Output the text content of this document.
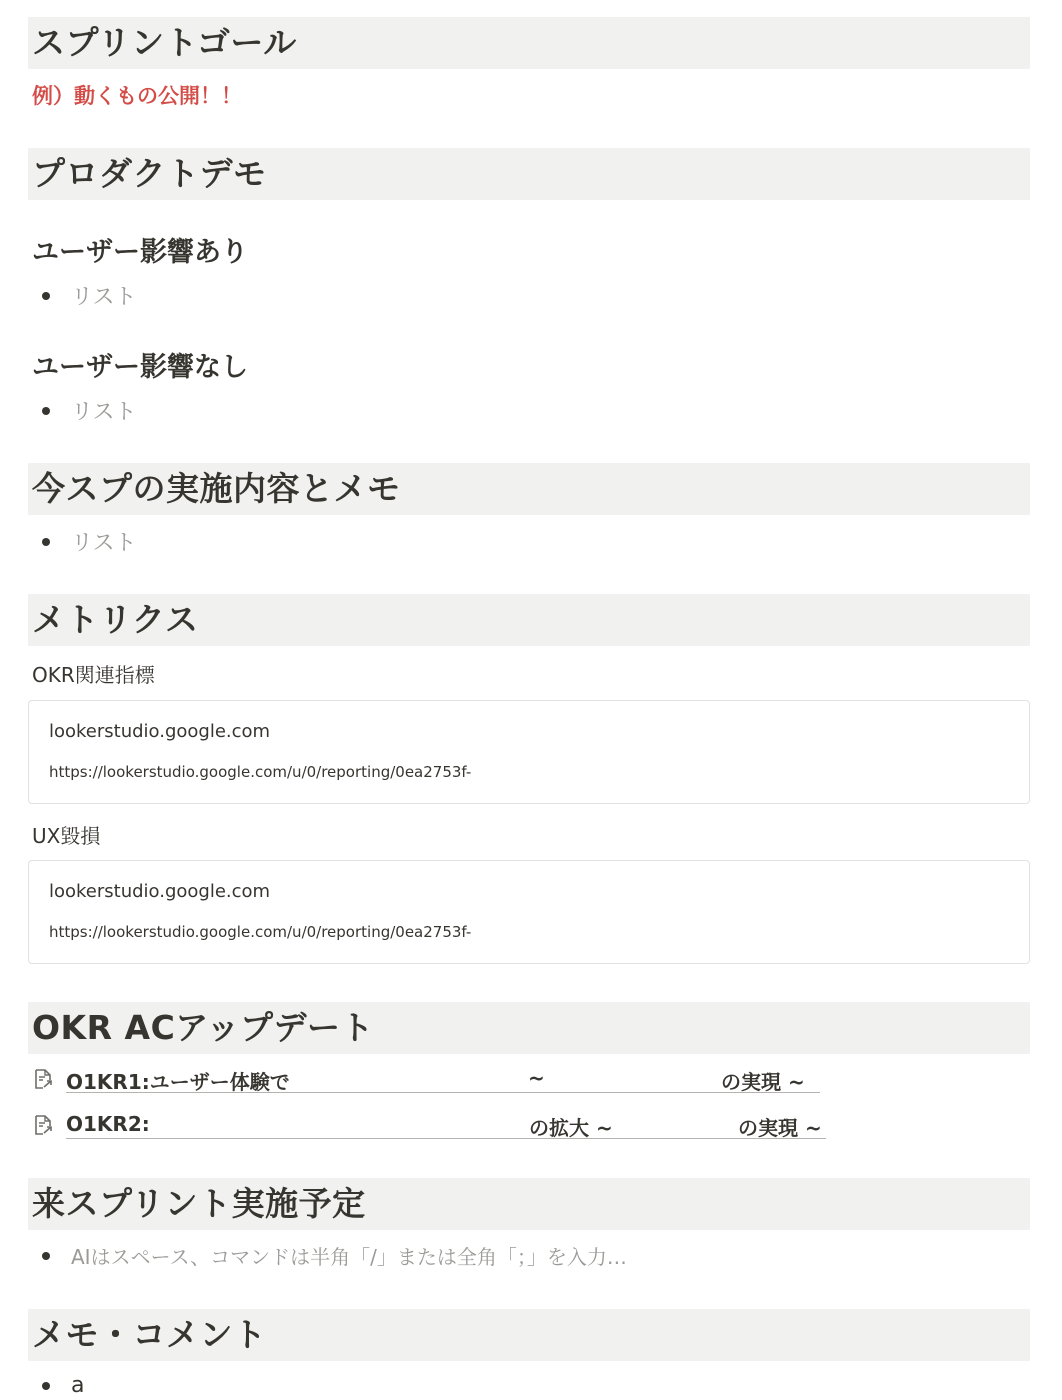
スプリントゴール
例）動くもの公開！！
プロダクトデモ
ユーザー影響あり
リスト
ユーザー影響なし
リスト
今スプの実施内容とメモ
リスト
メトリクス
OKR関連指標
lookerstudio.google.com
https://lookerstudio.google.com/u/0/reporting/0ea2753f-
UX毀損
lookerstudio.google.com
https://lookerstudio.google.com/u/0/reporting/0ea2753f-
OKR ACアップデート
O1KR1:ユーザー体験で	~	の実現 ~
O1KR2:	の拡大 ~	の実現 ~
来スプリント実施予定
AIはスペース、コマンドは半角「/」または全角「；」を入力…
メモ・コメント
a
